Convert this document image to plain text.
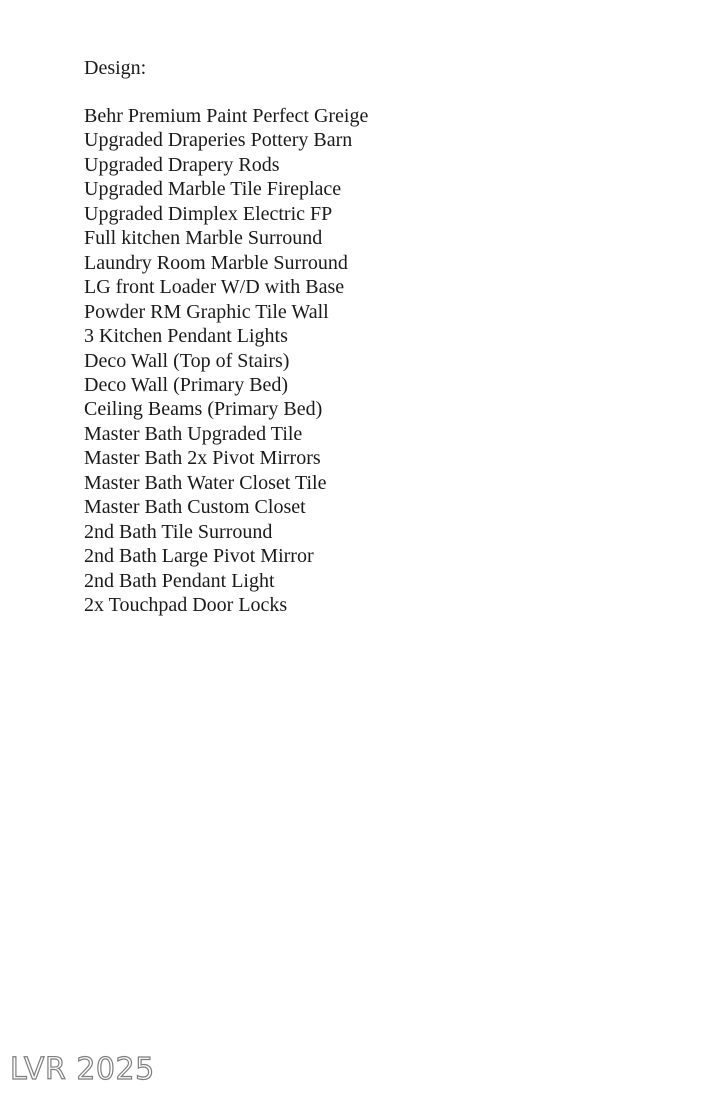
Design:

Behr Premium Paint Perfect Greige
Upgraded Draperies Pottery Barn
Upgraded Drapery Rods
Upgraded Marble Tile Fireplace
Upgraded Dimplex Electric FP
Full kitchen Marble Surround
Laundry Room Marble Surround
LG front Loader W/D with Base
Powder RM Graphic Tile Wall
3 Kitchen Pendant Lights
Deco Wall (Top of Stairs)
Deco Wall (Primary Bed)
Ceiling Beams (Primary Bed)
Master Bath Upgraded Tile
Master Bath 2x Pivot Mirrors
Master Bath Water Closet Tile
Master Bath Custom Closet
2nd Bath Tile Surround
2nd Bath Large Pivot Mirror
2nd Bath Pendant Light
2x Touchpad Door Locks
LVR 2025
